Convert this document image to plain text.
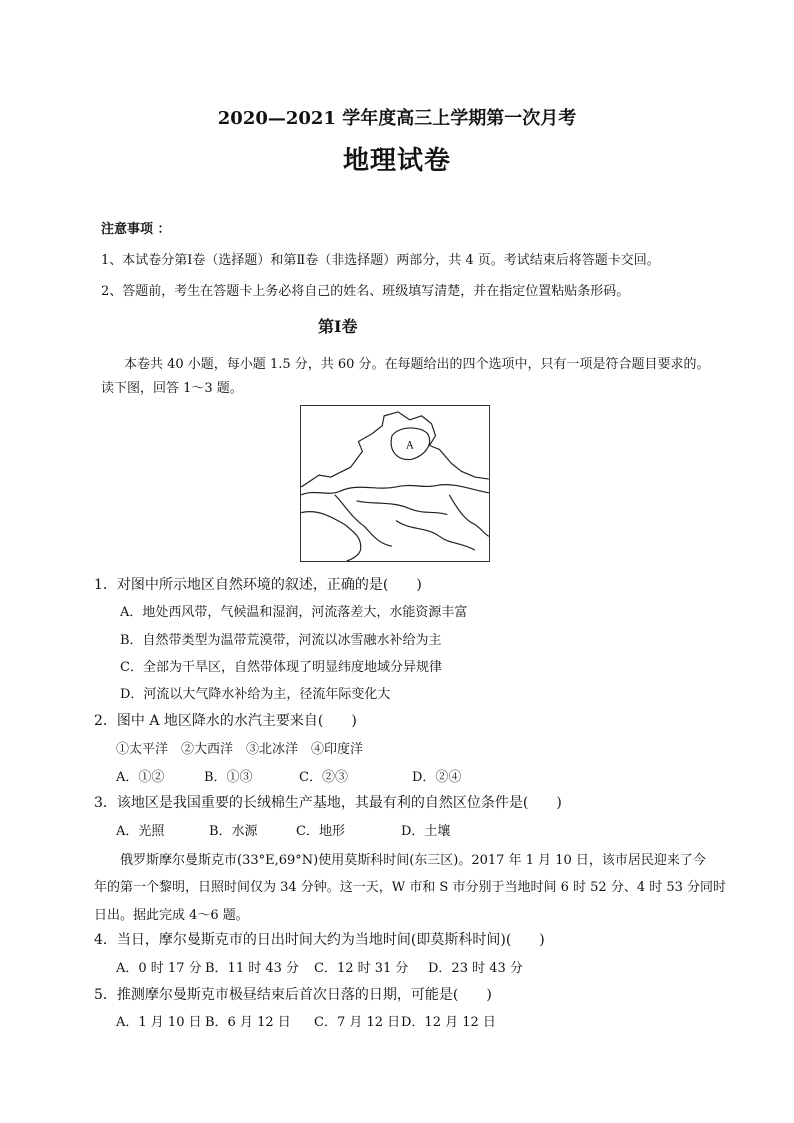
2020—2021 学年度高三上学期第一次月考
地理试卷
注意事项 ：
1、本试卷分第Ⅰ卷（选择题）和第Ⅱ卷（非选择题）两部分，共 4 页。考试结束后将答题卡交回。
2、答题前，考生在答题卡上务必将自己的姓名、班级填写清楚，并在指定位置粘贴条形码。
第Ⅰ卷
本卷共 40 小题，每小题 1.5 分，共 60 分。在每题给出的四个选项中，只有一项是符合题目要求的。
读下图，回答 1～3 题。
A
1．对图中所示地区自然环境的叙述，正确的是(　　)
A．地处西风带，气候温和湿润，河流落差大，水能资源丰富
B．自然带类型为温带荒漠带，河流以冰雪融水补给为主
C．全部为干旱区，自然带体现了明显纬度地域分异规律
D．河流以大气降水补给为主，径流年际变化大
2．图中 A 地区降水的水汽主要来自(　　)
①太平洋　②大西洋　③北冰洋　④印度洋
A．①②	B．①③	C．②③	D．②④
3．该地区是我国重要的长绒棉生产基地，其最有利的自然区位条件是(　　)
A．光照	B．水源	C．地形	D．土壤
俄罗斯摩尔曼斯克市(33°E,69°N)使用莫斯科时间(东三区)。2017 年 1 月 10 日，该市居民迎来了今
年的第一个黎明，日照时间仅为 34 分钟。这一天，W 市和 S 市分别于当地时间 6 时 52 分、4 时 53 分同时
日出。据此完成 4～6 题。
4．当日，摩尔曼斯克市的日出时间大约为当地时间(即莫斯科时间)(　　)
A．0 时 17 分 B．11 时 43 分 C．12 时 31 分 D．23 时 43 分
5．推测摩尔曼斯克市极昼结束后首次日落的日期，可能是(　　)
A．1 月 10 日 B．6 月 12 日 C．7 月 12 日 D．12 月 12 日
